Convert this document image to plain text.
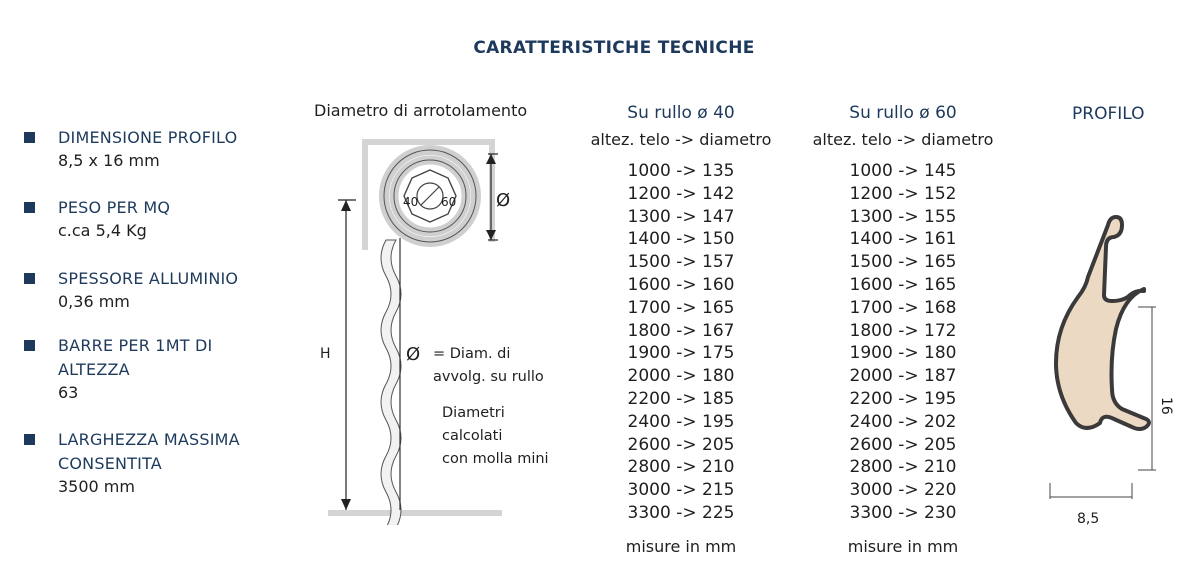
CARATTERISTICHE TECNICHE
DIMENSIONE PROFILO
8,5 x 16 mm
PESO PER MQ
c.ca 5,4 Kg
SPESSORE ALLUMINIO
0,36 mm
BARRE PER 1MT DI ALTEZZA
63
LARGHEZZA MASSIMA CONSENTITA
3500 mm
Diametro di arrotolamento
H
40 60 Ø
Ø = Diam. di
avvolg. su rullo
Diametri
calcolati
con molla mini
Su rullo ø 40
altez. telo -> diametro
1000 -> 135
1200 -> 142
1300 -> 147
1400 -> 150
1500 -> 157
1600 -> 160
1700 -> 165
1800 -> 167
1900 -> 175
2000 -> 180
2200 -> 185
2400 -> 195
2600 -> 205
2800 -> 210
3000 -> 215
3300 -> 225
misure in mm
Su rullo ø 60
altez. telo -> diametro
1000 -> 145
1200 -> 152
1300 -> 155
1400 -> 161
1500 -> 165
1600 -> 165
1700 -> 168
1800 -> 172
1900 -> 180
2000 -> 187
2200 -> 195
2400 -> 202
2600 -> 205
2800 -> 210
3000 -> 220
3300 -> 230
misure in mm
PROFILO
16
8,5
